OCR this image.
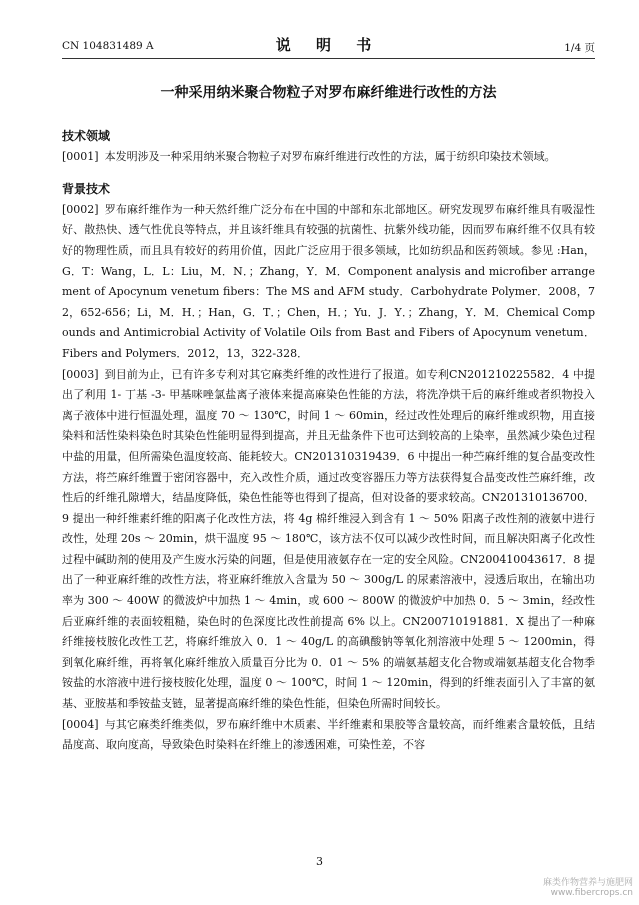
CN 104831489 A	说 明 书	1/4 页
一种采用纳米聚合物粒子对罗布麻纤维进行改性的方法
技术领域
[0001] 本发明涉及一种采用纳米聚合物粒子对罗布麻纤维进行改性的方法，属于纺织印染技术领域。
背景技术
[0002] 罗布麻纤维作为一种天然纤维广泛分布在中国的中部和东北部地区。研究发现罗布麻纤维具有吸湿性好、散热快、透气性优良等特点，并且该纤维具有较强的抗菌性、抗紫外线功能，因而罗布麻纤维不仅具有较好的物理性质，而且具有较好的药用价值，因此广泛应用于很多领域，比如纺织品和医药领域。参见 :Han，G．T：Wang，L．L：Liu，M．N．；Zhang，Y．M．Component analysis and microfiber arrangement of Apocynum venetum fibers：The MS and AFM study．Carbohydrate Polymer．2008，72，652-656；Li，M．H．；Han，G．T．；Chen，H．；Yu．J．Y．；Zhang，Y．M．Chemical Compounds and Antimicrobial Activity of Volatile Oils from Bast and Fibers of Apocynum venetum．Fibers and Polymers．2012，13，322-328．
[0003] 到目前为止，已有许多专利对其它麻类纤维的改性进行了报道。如专利CN201210225582．4 中提出了利用 1- 丁基 -3- 甲基咪唑氯盐离子液体来提高麻染色性能的方法，将洗净烘干后的麻纤维或者织物投入离子液体中进行恒温处理，温度 70 ～ 130℃，时间 1 ～ 60min，经过改性处理后的麻纤维或织物，用直接染料和活性染料染色时其染色性能明显得到提高，并且无盐条件下也可达到较高的上染率，虽然减少染色过程中盐的用量，但所需染色温度较高、能耗较大。CN201310319439．6 中提出一种苎麻纤维的复合晶变改性方法，将苎麻纤维置于密闭容器中，充入改性介质，通过改变容器压力等方法获得复合晶变改性苎麻纤维，改性后的纤维孔隙增大，结晶度降低，染色性能等也得到了提高，但对设备的要求较高。CN201310136700．9 提出一种纤维素纤维的阳离子化改性方法，将 4g 棉纤维浸入到含有 1 ～ 50% 阳离子改性剂的液氨中进行改性，处理 20s ～ 20min，烘干温度 95 ～ 180℃，该方法不仅可以减少改性时间，而且解决阳离子化改性过程中碱助剂的使用及产生废水污染的问题，但是使用液氨存在一定的安全风险。CN200410043617．8 提出了一种亚麻纤维的改性方法，将亚麻纤维放入含量为 50 ～ 300g/L 的尿素溶液中，浸透后取出，在输出功率为 300 ～ 400W 的微波炉中加热 1 ～ 4min，或 600 ～ 800W 的微波炉中加热 0．5 ～ 3min，经改性后亚麻纤维的表面较粗糙，染色时的色深度比改性前提高 6% 以上。CN200710191881．X 提出了一种麻纤维接枝胺化改性工艺，将麻纤维放入 0．1 ～ 40g/L 的高碘酸钠等氧化剂溶液中处理 5 ～ 1200min，得到氧化麻纤维，再将氧化麻纤维放入质量百分比为 0．01 ～ 5% 的端氨基超支化合物或端氨基超支化合物季铵盐的水溶液中进行接枝胺化处理，温度 0 ～ 100℃，时间 1 ～ 120min，得到的纤维表面引入了丰富的氨基、亚胺基和季铵盐支链，显著提高麻纤维的染色性能，但染色所需时间较长。
[0004] 与其它麻类纤维类似，罗布麻纤维中木质素、半纤维素和果胶等含量较高，而纤维素含量较低，且结晶度高、取向度高，导致染色时染料在纤维上的渗透困难，可染性差，不容
3
麻类作物营养与施肥网
www.fibercrops.cn
